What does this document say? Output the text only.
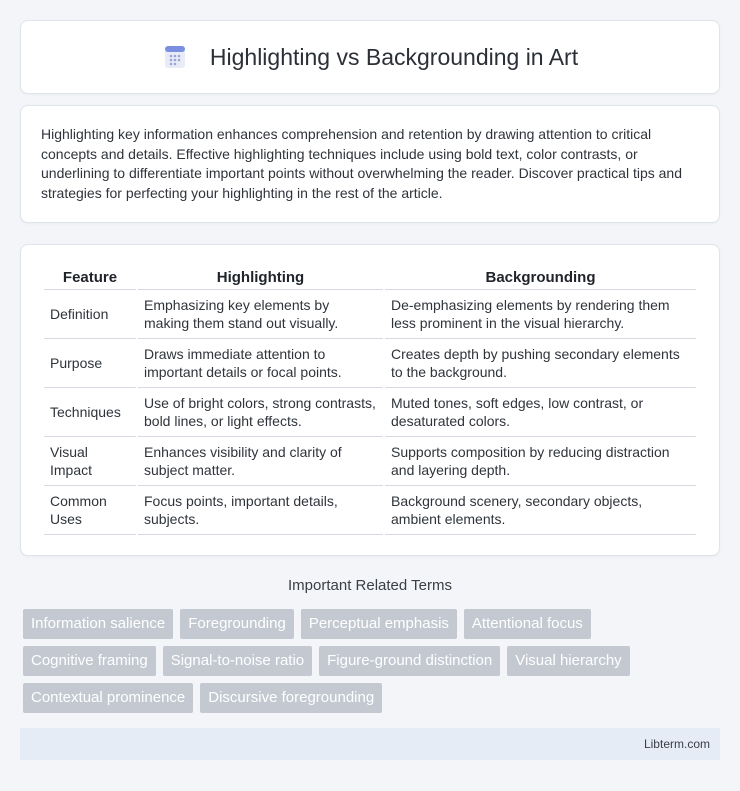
Highlighting vs Backgrounding in Art

Highlighting key information enhances comprehension and retention by drawing attention to critical concepts and details. Effective highlighting techniques include using bold text, color contrasts, or underlining to differentiate important points without overwhelming the reader. Discover practical tips and strategies for perfecting your highlighting in the rest of the article.

Feature	Highlighting	Backgrounding
Definition	Emphasizing key elements by making them stand out visually.	De-emphasizing elements by rendering them less prominent in the visual hierarchy.
Purpose	Draws immediate attention to important details or focal points.	Creates depth by pushing secondary elements to the background.
Techniques	Use of bright colors, strong contrasts, bold lines, or light effects.	Muted tones, soft edges, low contrast, or desaturated colors.
Visual Impact	Enhances visibility and clarity of subject matter.	Supports composition by reducing distraction and layering depth.
Common Uses	Focus points, important details, subjects.	Background scenery, secondary objects, ambient elements.
Important Related Terms
Information salience	Foregrounding	Perceptual emphasis	Attentional focus
Cognitive framing	Signal-to-noise ratio	Figure-ground distinction	Visual hierarchy
Contextual prominence	Discursive foregrounding
Libterm.com
